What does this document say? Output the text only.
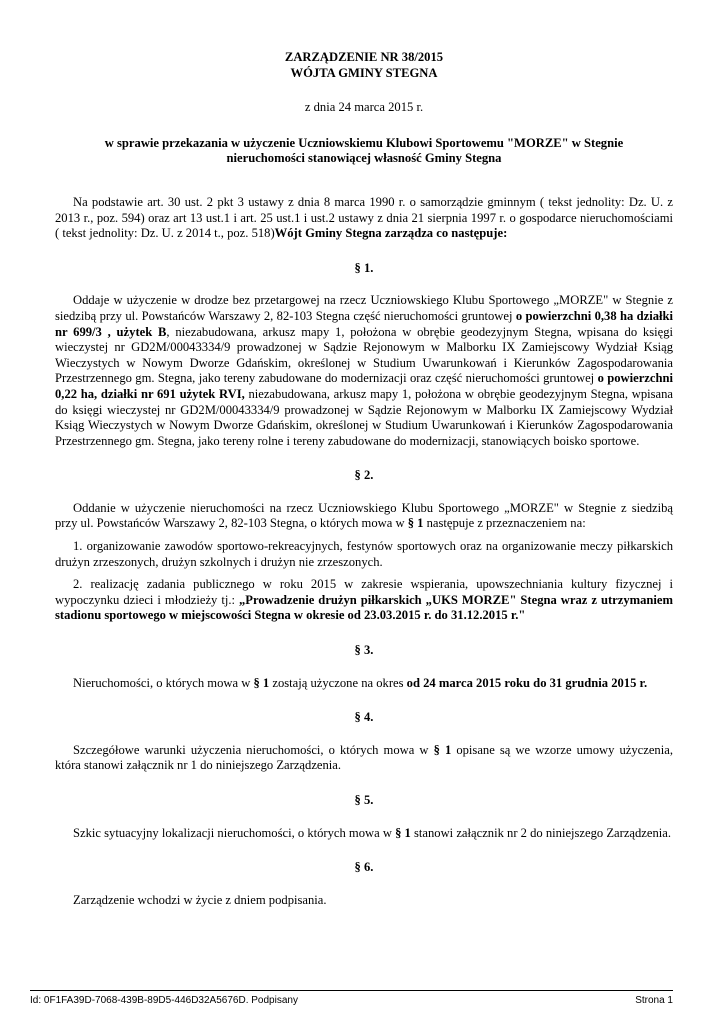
ZARZĄDZENIE NR 38/2015

WÓJTA GMINY STEGNA

z dnia 24 marca 2015 r.

w sprawie przekazania w użyczenie Uczniowskiemu Klubowi Sportowemu "MORZE" w Stegnie
nieruchomości stanowiącej własność Gminy Stegna

Na podstawie art. 30 ust. 2 pkt 3 ustawy z dnia 8 marca 1990 r. o samorządzie gminnym ( tekst jednolity: Dz. U. z 2013 r., poz. 594) oraz art 13 ust.1 i art. 25 ust.1 i ust.2 ustawy z dnia 21 sierpnia 1997 r. o gospodarce nieruchomościami ( tekst jednolity: Dz. U. z 2014 t., poz. 518)Wójt Gminy Stegna zarządza co następuje:

§ 1.

Oddaje w użyczenie w drodze bez przetargowej na rzecz Uczniowskiego Klubu Sportowego „MORZE" w Stegnie z siedzibą przy ul. Powstańców Warszawy 2, 82-103 Stegna część nieruchomości gruntowej o powierzchni 0,38 ha działki nr 699/3 , użytek B, niezabudowana, arkusz mapy 1, położona w obrębie geodezyjnym Stegna, wpisana do księgi wieczystej nr GD2M/00043334/9 prowadzonej w Sądzie Rejonowym w Malborku IX Zamiejscowy Wydział Ksiąg Wieczystych w Nowym Dworze Gdańskim, określonej w Studium Uwarunkowań i Kierunków Zagospodarowania Przestrzennego gm. Stegna, jako tereny zabudowane do modernizacji oraz część nieruchomości gruntowej o powierzchni 0,22 ha, działki nr 691 użytek RVI, niezabudowana, arkusz mapy 1, położona w obrębie geodezyjnym Stegna, wpisana do księgi wieczystej nr GD2M/00043334/9 prowadzonej w Sądzie Rejonowym w Malborku IX Zamiejscowy Wydział Ksiąg Wieczystych w Nowym Dworze Gdańskim, określonej w Studium Uwarunkowań i Kierunków Zagospodarowania Przestrzennego gm. Stegna, jako tereny rolne i tereny zabudowane do modernizacji, stanowiących boisko sportowe.

§ 2.

Oddanie w użyczenie nieruchomości na rzecz Uczniowskiego Klubu Sportowego „MORZE" w Stegnie z siedzibą przy ul. Powstańców Warszawy 2, 82-103 Stegna, o których mowa w § 1 następuje z przeznaczeniem na:

1. organizowanie zawodów sportowo-rekreacyjnych, festynów sportowych oraz na organizowanie meczy piłkarskich drużyn zrzeszonych, drużyn szkolnych i drużyn nie zrzeszonych.

2. realizację zadania publicznego w roku 2015 w zakresie wspierania, upowszechniania kultury fizycznej i wypoczynku dzieci i młodzieży tj.: „Prowadzenie drużyn piłkarskich „UKS MORZE" Stegna wraz z utrzymaniem stadionu sportowego w miejscowości Stegna w okresie od 23.03.2015 r. do 31.12.2015 r."

§ 3.

Nieruchomości, o których mowa w § 1 zostają użyczone na okres od 24 marca 2015 roku do 31 grudnia 2015 r.

§ 4.

Szczegółowe warunki użyczenia nieruchomości, o których mowa w § 1 opisane są we wzorze umowy użyczenia, która stanowi załącznik nr 1 do niniejszego Zarządzenia.

§ 5.

Szkic sytuacyjny lokalizacji nieruchomości, o których mowa w § 1 stanowi załącznik nr 2 do niniejszego Zarządzenia.

§ 6.

Zarządzenie wchodzi w życie z dniem podpisania.

Id: 0F1FA39D-7068-439B-89D5-446D32A5676D. Podpisany	Strona 1
